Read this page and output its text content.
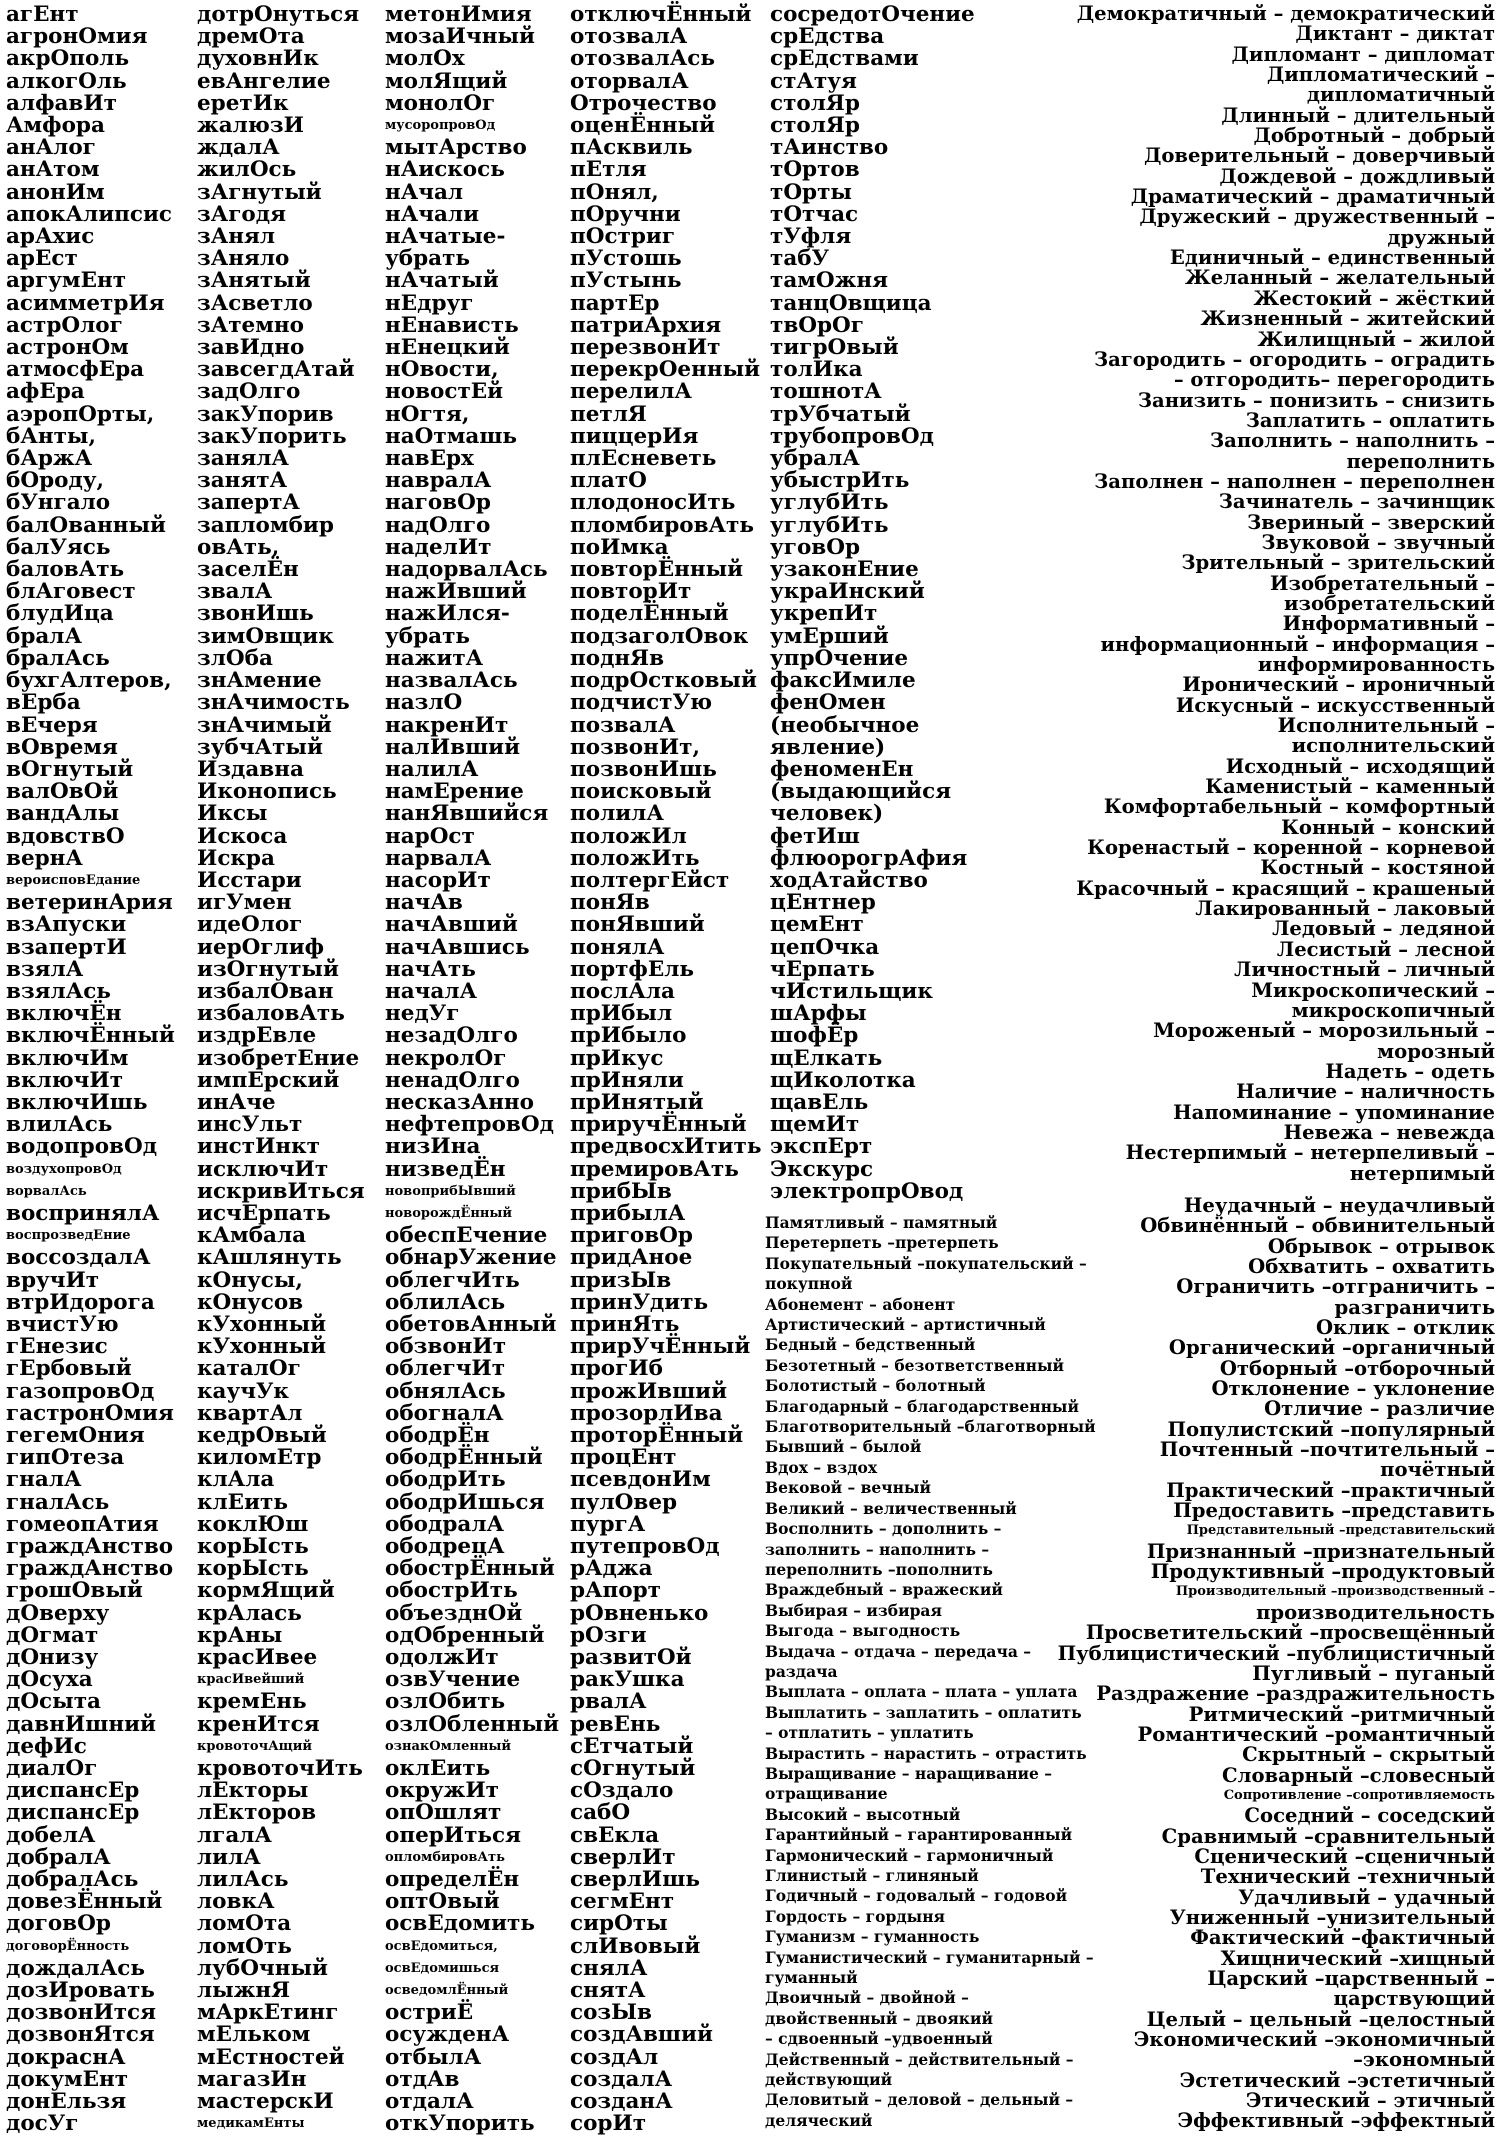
агЕнт
агронОмия
акрОполь
алкогОль
алфавИт
Амфора
анАлог
анАтом
анонИм
апокАлипсис
арАхис
арЕст
аргумЕнт
асимметрИя
астрОлог
астронОм
атмосфЕра
афЕра
аэропОрты,
бАнты,
бАржА
бОроду,
бУнгало
балОванный
балУясь
баловАть
блАговест
блудИца
бралА
бралАсь
бухгАлтеров,
вЕрба
вЕчеря
вОвремя
вОгнутый
валОвОй
вандАлы
вдовствО
вернА
вероисповЕдание
ветеринАрия
взАпуски
взапертИ
взялА
взялАсь
включЁн
включЁнный
включИм
включИт
включИшь
влилАсь
водопровОд
воздухопровОд
ворвалАсь
воспринялА
воспрозведЕние
воссоздалА
вручИт
втрИдорога
вчистУю
гЕнезис
гЕрбовый
газопровОд
гастронОмия
гегемОния
гипОтеза
гналА
гналАсь
гомеопАтия
граждАнство
граждАнство
грошОвый
дОверху
дОгмат
дОнизу
дОсуха
дОсыта
давнИшний
дефИс
диалОг
диспансЕр
диспансЕр
добелА
добралА
добралАсь
довезЁнный
договОр
договорЁнность
дождалАсь
дозИровать
дозвонИтся
дозвонЯтся
докраснА
докумЕнт
донЕльзя
досУг
дотрОнуться
дремОта
духовнИк
евАнгелие
еретИк
жалюзИ
ждалА
жилОсь
зАгнутый
зАгодя
зАнял
зАняло
зАнятый
зАсветло
зАтемно
завИдно
завсегдАтай
задОлго
закУпорив
закУпорить
занялА
занятА
запертА
запломбир
овАть,
заселЁн
звалА
звонИшь
зимОвщик
злОба
знАмение
знАчимость
знАчимый
зубчАтый
Издавна
Иконопись
Иксы
Искоса
Искра
Исстари
игУмен
идеОлог
иерОглиф
изОгнутый
избалОван
избаловАть
издрЕвле
изобретЕние
импЕрский
инАче
инсУльт
инстИнкт
исключИт
искривИться
исчЕрпать
кАмбала
кАшлянуть
кОнусы,
кОнусов
кУхонный
кУхонный
каталОг
каучУк
квартАл
кедрОвый
киломЕтр
клАла
клЕить
коклЮш
корЫсть
корЫсть
кормЯщий
крАлась
крАны
красИвее
красИвейший
кремЕнь
кренИтся
кровоточАщий
кровоточИть
лЕкторы
лЕкторов
лгалА
лилА
лилАсь
ловкА
ломОта
ломОть
лубОчный
лыжнЯ
мАркЕтинг
мЕльком
мЕстностей
магазИн
мастерскИ
медикамЕнты
метонИмия
мозаИчный
молОх
молЯщий
монолОг
мусоропровОд
мытАрство
нАискось
нАчал
нАчали
нАчатые-
убрать
нАчатый
нЕдруг
нЕнависть
нЕнецкий
нОвости,
новостЕй
нОгтя,
наОтмашь
навЕрх
навралА
наговОр
надОлго
наделИт
надорвалАсь
нажИвший
нажИлся-
убрать
нажитА
назвалАсь
назлО
накренИт
налИвший
налилА
намЕрение
нанЯвшийся
нарОст
нарвалА
насорИт
начАв
начАвший
начАвшись
начАть
началА
недУг
незадОлго
некролОг
ненадОлго
несказАнно
нефтепровОд
низИна
низведЁн
новоприбЫвший
новорождЁнный
обеспЕчение
обнарУжение
облегчИть
облилАсь
обетовАнный
обзвонИт
облегчИт
обнялАсь
обогналА
ободрЁн
ободрЁнный
ободрИть
ободрИшься
ободралА
ободрецА
обострЁнный
обострИть
объезднОй
одОбренный
одолжИт
озвУчение
озлОбить
озлОбленный
ознакОмленный
оклЕить
окружИт
опОшлят
оперИться
опломбировАть
определЁн
оптОвый
освЕдомить
освЕдомиться,
освЕдомишься
осведомлЁнный
остриЁ
осужденА
отбылА
отдАв
отдалА
откУпорить
отключЁнный
отозвалА
отозвалАсь
оторвалА
Отрочество
оценЁнный
пАсквиль
пЕтля
пОнял,
пОручни
пОстриг
пУстошь
пУстынь
партЕр
патриАрхия
перезвонИт
перекрОенный
перелилА
петлЯ
пиццерИя
плЕсневеть
платО
плодоносИть
пломбировАть
поИмка
повторЁнный
повторИт
поделЁнный
подзаголОвок
поднЯв
подрОстковый
подчистУю
позвалА
позвонИт,
позвонИшь
поисковый
полилА
положИл
положИть
полтергЕйст
понЯв
понЯвший
понялА
портфЕль
послАла
прИбыл
прИбыло
прИкус
прИняли
прИнятый
приручЁнный
предвосхИтить
премировАть
прибЫв
прибылА
приговОр
придАное
призЫв
принУдить
принЯть
прирУчЁнный
прогИб
прожИвший
прозорлИва
проторЁнный
процЕнт
псевдонИм
пулОвер
пургА
путепровОд
рАджа
рАпорт
рОвненько
рОзги
развитОй
ракУшка
рвалА
ревЕнь
сЕтчатый
сОгнутый
сОздало
сабО
свЕкла
сверлИт
сверлИшь
сегмЕнт
сирОты
слИвовый
снялА
снятА
созЫв
создАвший
создАл
создалА
созданА
сорИт
сосредотОчение
срЕдства
срЕдствами
стАтуя
столЯр
столЯр
тАинство
тОртов
тОрты
тОтчас
тУфля
табУ
тамОжня
танцОвщица
твОрОг
тигрОвый
толИка
тошнотА
трУбчатый
трубопровОд
убралА
убыстрИть
углубИть
углубИть
уговОр
узаконЕние
украИнский
укрепИт
умЕрший
упрОчение
факсИмиле
фенОмен
(необычное
явление)
феноменЕн
(выдающийся
человек)
фетИш
флюорогрАфия
ходАтайство
цЕнтнер
цемЕнт
цепОчка
чЕрпать
чИстильщик
шАрфы
шофЁр
щЕлкать
щИколотка
щавЕль
щемИт
экспЕрт
Экскурс
электропрОвод
Памятливый – памятный
Перетерпеть –претерпеть
Покупательный –покупательский –
покупной
Абонемент – абонент
Артистический – артистичный
Бедный – бедственный
Безотетный – безответственный
Болотистый – болотный
Благодарный – благодарственный
Благотворительный –благотворный
Бывший – былой
Вдох – вздох
Вековой – вечный
Великий – величественный
Восполнить – дополнить –
заполнить – наполнить –
переполнить –пополнить
Враждебный – вражеский
Выбирая – избирая
Выгода – выгодность
Выдача – отдача – передача –
раздача
Выплата – оплата – плата – уплата
Выплатить – заплатить – оплатить
– отплатить – уплатить
Вырастить – нарастить – отрастить
Выращивание – наращивание –
отращивание
Высокий – высотный
Гарантийный – гарантированный
Гармонический – гармоничный
Глинистый – глиняный
Годичный – годовалый – годовой
Гордость – гордыня
Гуманизм – гуманность
Гуманистический – гуманитарный –
гуманный
Двоичный – двойной –
двойственный – двоякий
– сдвоенный –удвоенный
Действенный – действительный –
действующий
Деловитый – деловой – дельный –
деляческий
Демократичный – демократический
Диктант – диктат
Дипломант – дипломат
Дипломатический –
дипломатичный
Длинный – длительный
Добротный – добрый
Доверительный – доверчивый
Дождевой – дождливый
Драматический – драматичный
Дружеский – дружественный –
дружный
Единичный – единственный
Желанный – желательный
Жестокий – жёсткий
Жизненный – житейский
Жилищный – жилой
Загородить – огородить – оградить
– отгородить– перегородить
Занизить – понизить – снизить
Заплатить – оплатить
Заполнить – наполнить –
переполнить
Заполнен – наполнен – переполнен
Зачинатель – зачинщик
Звериный – зверский
Звуковой – звучный
Зрительный – зрительский
Изобретательный –
изобретательский
Информативный –
информационный – информация –
информированность
Иронический – ироничный
Искусный – искусственный
Исполнительный –
исполнительский
Исходный – исходящий
Каменистый – каменный
Комфортабельный – комфортный
Конный – конский
Коренастый – коренной – корневой
Костный – костяной
Красочный – красящий – крашеный
Лакированный – лаковый
Ледовый – ледяной
Лесистый – лесной
Личностный – личный
Микроскопический –
микроскопичный
Мороженый – морозильный –
морозный
Надеть – одеть
Наличие – наличность
Напоминание – упоминание
Невежа – невежда
Нестерпимый – нетерпеливый –
нетерпимый
Неудачный – неудачливый
Обвинённый – обвинительный
Обрывок – отрывок
Обхватить – охватить
Ограничить –отграничить –
разграничить
Оклик – отклик
Органический –органичный
Отборный –отборочный
Отклонение – уклонение
Отличие – различие
Популистский –популярный
Почтенный –почтительный –
почётный
Практический –практичный
Предоставить –представить
Представительный –представительский
Признанный –признательный
Продуктивный –продуктовый
Производительный –производственный –
производительность
Просветительский –просвещённый
Публицистический –публицистичный
Пугливый – пуганый
Раздражение –раздражительность
Ритмический –ритмичный
Романтический –романтичный
Скрытный – скрытый
Словарный –словесный
Сопротивление –сопротивляемость
Соседний – соседский
Сравнимый –сравнительный
Сценический –сценичный
Технический –техничный
Удачливый – удачный
Униженный –унизительный
Фактический –фактичный
Хищнический –хищный
Царский –царственный –
царствующий
Целый – цельный –целостный
Экономический –экономичный
–экономный
Эстетический –эстетичный
Этический – этичный
Эффективный –эффектный
